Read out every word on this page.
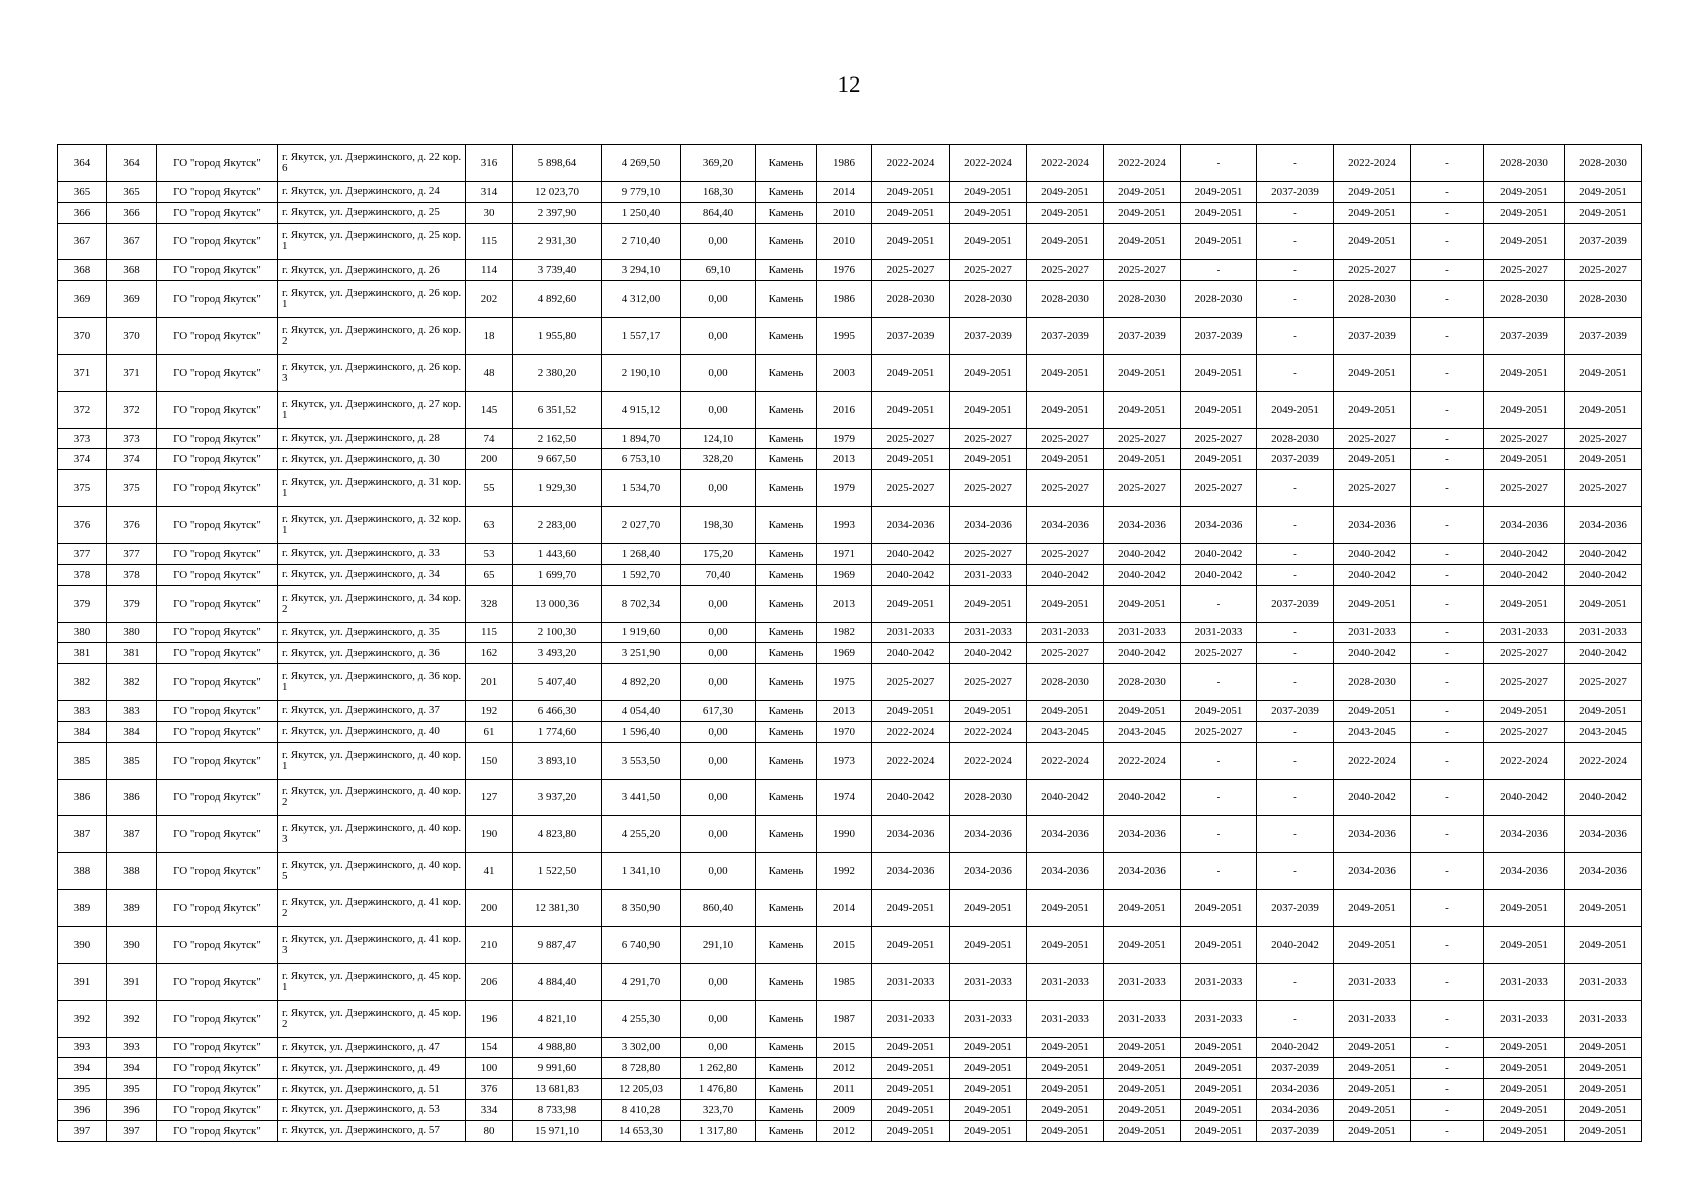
12
364	364	ГО "город Якутск"	г. Якутск, ул. Дзержинского, д. 22 кор. 6	316	5 898,64	4 269,50	369,20	Камень	1986	2022-2024	2022-2024	2022-2024	2022-2024	-	-	2022-2024	-	2028-2030	2028-2030
365	365	ГО "город Якутск"	г. Якутск, ул. Дзержинского, д. 24	314	12 023,70	9 779,10	168,30	Камень	2014	2049-2051	2049-2051	2049-2051	2049-2051	2049-2051	2037-2039	2049-2051	-	2049-2051	2049-2051
366	366	ГО "город Якутск"	г. Якутск, ул. Дзержинского, д. 25	30	2 397,90	1 250,40	864,40	Камень	2010	2049-2051	2049-2051	2049-2051	2049-2051	2049-2051	-	2049-2051	-	2049-2051	2049-2051
367	367	ГО "город Якутск"	г. Якутск, ул. Дзержинского, д. 25 кор. 1	115	2 931,30	2 710,40	0,00	Камень	2010	2049-2051	2049-2051	2049-2051	2049-2051	2049-2051	-	2049-2051	-	2049-2051	2037-2039
368	368	ГО "город Якутск"	г. Якутск, ул. Дзержинского, д. 26	114	3 739,40	3 294,10	69,10	Камень	1976	2025-2027	2025-2027	2025-2027	2025-2027	-	-	2025-2027	-	2025-2027	2025-2027
369	369	ГО "город Якутск"	г. Якутск, ул. Дзержинского, д. 26 кор. 1	202	4 892,60	4 312,00	0,00	Камень	1986	2028-2030	2028-2030	2028-2030	2028-2030	2028-2030	-	2028-2030	-	2028-2030	2028-2030
370	370	ГО "город Якутск"	г. Якутск, ул. Дзержинского, д. 26 кор. 2	18	1 955,80	1 557,17	0,00	Камень	1995	2037-2039	2037-2039	2037-2039	2037-2039	2037-2039	-	2037-2039	-	2037-2039	2037-2039
371	371	ГО "город Якутск"	г. Якутск, ул. Дзержинского, д. 26 кор. 3	48	2 380,20	2 190,10	0,00	Камень	2003	2049-2051	2049-2051	2049-2051	2049-2051	2049-2051	-	2049-2051	-	2049-2051	2049-2051
372	372	ГО "город Якутск"	г. Якутск, ул. Дзержинского, д. 27 кор. 1	145	6 351,52	4 915,12	0,00	Камень	2016	2049-2051	2049-2051	2049-2051	2049-2051	2049-2051	2049-2051	2049-2051	-	2049-2051	2049-2051
373	373	ГО "город Якутск"	г. Якутск, ул. Дзержинского, д. 28	74	2 162,50	1 894,70	124,10	Камень	1979	2025-2027	2025-2027	2025-2027	2025-2027	2025-2027	2028-2030	2025-2027	-	2025-2027	2025-2027
374	374	ГО "город Якутск"	г. Якутск, ул. Дзержинского, д. 30	200	9 667,50	6 753,10	328,20	Камень	2013	2049-2051	2049-2051	2049-2051	2049-2051	2049-2051	2037-2039	2049-2051	-	2049-2051	2049-2051
375	375	ГО "город Якутск"	г. Якутск, ул. Дзержинского, д. 31 кор. 1	55	1 929,30	1 534,70	0,00	Камень	1979	2025-2027	2025-2027	2025-2027	2025-2027	2025-2027	-	2025-2027	-	2025-2027	2025-2027
376	376	ГО "город Якутск"	г. Якутск, ул. Дзержинского, д. 32 кор. 1	63	2 283,00	2 027,70	198,30	Камень	1993	2034-2036	2034-2036	2034-2036	2034-2036	2034-2036	-	2034-2036	-	2034-2036	2034-2036
377	377	ГО "город Якутск"	г. Якутск, ул. Дзержинского, д. 33	53	1 443,60	1 268,40	175,20	Камень	1971	2040-2042	2025-2027	2025-2027	2040-2042	2040-2042	-	2040-2042	-	2040-2042	2040-2042
378	378	ГО "город Якутск"	г. Якутск, ул. Дзержинского, д. 34	65	1 699,70	1 592,70	70,40	Камень	1969	2040-2042	2031-2033	2040-2042	2040-2042	2040-2042	-	2040-2042	-	2040-2042	2040-2042
379	379	ГО "город Якутск"	г. Якутск, ул. Дзержинского, д. 34 кор. 2	328	13 000,36	8 702,34	0,00	Камень	2013	2049-2051	2049-2051	2049-2051	2049-2051	-	2037-2039	2049-2051	-	2049-2051	2049-2051
380	380	ГО "город Якутск"	г. Якутск, ул. Дзержинского, д. 35	115	2 100,30	1 919,60	0,00	Камень	1982	2031-2033	2031-2033	2031-2033	2031-2033	2031-2033	-	2031-2033	-	2031-2033	2031-2033
381	381	ГО "город Якутск"	г. Якутск, ул. Дзержинского, д. 36	162	3 493,20	3 251,90	0,00	Камень	1969	2040-2042	2040-2042	2025-2027	2040-2042	2025-2027	-	2040-2042	-	2025-2027	2040-2042
382	382	ГО "город Якутск"	г. Якутск, ул. Дзержинского, д. 36 кор. 1	201	5 407,40	4 892,20	0,00	Камень	1975	2025-2027	2025-2027	2028-2030	2028-2030	-	-	2028-2030	-	2025-2027	2025-2027
383	383	ГО "город Якутск"	г. Якутск, ул. Дзержинского, д. 37	192	6 466,30	4 054,40	617,30	Камень	2013	2049-2051	2049-2051	2049-2051	2049-2051	2049-2051	2037-2039	2049-2051	-	2049-2051	2049-2051
384	384	ГО "город Якутск"	г. Якутск, ул. Дзержинского, д. 40	61	1 774,60	1 596,40	0,00	Камень	1970	2022-2024	2022-2024	2043-2045	2043-2045	2025-2027	-	2043-2045	-	2025-2027	2043-2045
385	385	ГО "город Якутск"	г. Якутск, ул. Дзержинского, д. 40 кор. 1	150	3 893,10	3 553,50	0,00	Камень	1973	2022-2024	2022-2024	2022-2024	2022-2024	-	-	2022-2024	-	2022-2024	2022-2024
386	386	ГО "город Якутск"	г. Якутск, ул. Дзержинского, д. 40 кор. 2	127	3 937,20	3 441,50	0,00	Камень	1974	2040-2042	2028-2030	2040-2042	2040-2042	-	-	2040-2042	-	2040-2042	2040-2042
387	387	ГО "город Якутск"	г. Якутск, ул. Дзержинского, д. 40 кор. 3	190	4 823,80	4 255,20	0,00	Камень	1990	2034-2036	2034-2036	2034-2036	2034-2036	-	-	2034-2036	-	2034-2036	2034-2036
388	388	ГО "город Якутск"	г. Якутск, ул. Дзержинского, д. 40 кор. 5	41	1 522,50	1 341,10	0,00	Камень	1992	2034-2036	2034-2036	2034-2036	2034-2036	-	-	2034-2036	-	2034-2036	2034-2036
389	389	ГО "город Якутск"	г. Якутск, ул. Дзержинского, д. 41 кор. 2	200	12 381,30	8 350,90	860,40	Камень	2014	2049-2051	2049-2051	2049-2051	2049-2051	2049-2051	2037-2039	2049-2051	-	2049-2051	2049-2051
390	390	ГО "город Якутск"	г. Якутск, ул. Дзержинского, д. 41 кор. 3	210	9 887,47	6 740,90	291,10	Камень	2015	2049-2051	2049-2051	2049-2051	2049-2051	2049-2051	2040-2042	2049-2051	-	2049-2051	2049-2051
391	391	ГО "город Якутск"	г. Якутск, ул. Дзержинского, д. 45 кор. 1	206	4 884,40	4 291,70	0,00	Камень	1985	2031-2033	2031-2033	2031-2033	2031-2033	2031-2033	-	2031-2033	-	2031-2033	2031-2033
392	392	ГО "город Якутск"	г. Якутск, ул. Дзержинского, д. 45 кор. 2	196	4 821,10	4 255,30	0,00	Камень	1987	2031-2033	2031-2033	2031-2033	2031-2033	2031-2033	-	2031-2033	-	2031-2033	2031-2033
393	393	ГО "город Якутск"	г. Якутск, ул. Дзержинского, д. 47	154	4 988,80	3 302,00	0,00	Камень	2015	2049-2051	2049-2051	2049-2051	2049-2051	2049-2051	2040-2042	2049-2051	-	2049-2051	2049-2051
394	394	ГО "город Якутск"	г. Якутск, ул. Дзержинского, д. 49	100	9 991,60	8 728,80	1 262,80	Камень	2012	2049-2051	2049-2051	2049-2051	2049-2051	2049-2051	2037-2039	2049-2051	-	2049-2051	2049-2051
395	395	ГО "город Якутск"	г. Якутск, ул. Дзержинского, д. 51	376	13 681,83	12 205,03	1 476,80	Камень	2011	2049-2051	2049-2051	2049-2051	2049-2051	2049-2051	2034-2036	2049-2051	-	2049-2051	2049-2051
396	396	ГО "город Якутск"	г. Якутск, ул. Дзержинского, д. 53	334	8 733,98	8 410,28	323,70	Камень	2009	2049-2051	2049-2051	2049-2051	2049-2051	2049-2051	2034-2036	2049-2051	-	2049-2051	2049-2051
397	397	ГО "город Якутск"	г. Якутск, ул. Дзержинского, д. 57	80	15 971,10	14 653,30	1 317,80	Камень	2012	2049-2051	2049-2051	2049-2051	2049-2051	2049-2051	2037-2039	2049-2051	-	2049-2051	2049-2051
